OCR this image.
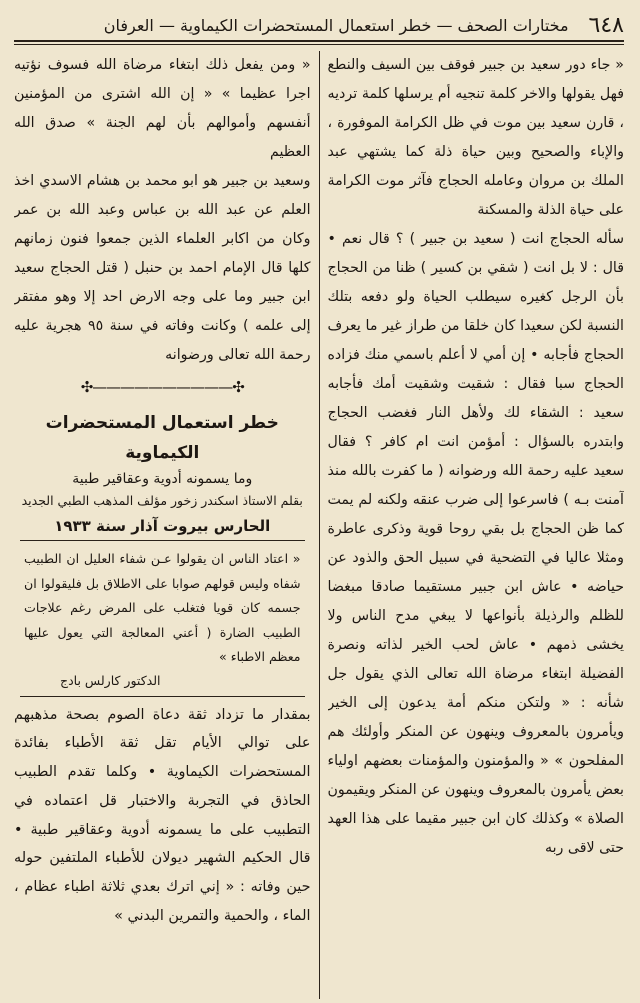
٦٤٨
مختارات الصحف — خطر استعمال المستحضرات الكيماوية — العرفان

« جاء دور سعيد بن جبير فوقف بين السيف والنطع فهل يقولها والاخر كلمة تنجيه أم يرسلها كلمة ترديه ، قارن سعيد بين موت في ظل الكرامة الموفورة ، والإباء والصحيح وبين حياة ذلة كما يشتهي عبد الملك بن مروان وعامله الحجاج فآثر موت الكرامة على حياة الذلة والمسكنة

سأله الحجاج انت ( سعيد بن جبير ) ؟ قال نعم • قال : لا بل انت ( شقي بن كسير ) ظنا من الحجاج بأن الرجل كغيره سيطلب الحياة ولو دفعه بتلك النسبة لكن سعيدا كان خلقا من طراز غير ما يعرف الحجاج فأجابه • إن أمي لا أعلم باسمي منك فزاده الحجاج سبا فقال : شقيت وشقيت أمك فأجابه سعيد : الشقاء لك ولأهل النار فغضب الحجاج وابتدره بالسؤال : أمؤمن انت ام كافر ؟ فقال سعيد عليه رحمة الله ورضوانه ( ما كفرت بالله منذ آمنت بـه ) فاسرعوا إلى ضرب عنقه ولكنه لم يمت كما ظن الحجاج بل بقي روحا قوية وذكرى عاطرة ومثلا عاليا في التضحية في سبيل الحق والذود عن حياضه • عاش ابن جبير مستقيما صادقا مبغضا للظلم والرذيلة بأنواعها لا يبغي مدح الناس ولا يخشى ذمهم • عاش لحب الخير لذاته ونصرة الفضيلة ابتغاء مرضاة الله تعالى الذي يقول جل شأنه : « ولتكن منكم أمة يدعون إلى الخير ويأمرون بالمعروف وينهون عن المنكر وأولئك هم المفلحون » « والمؤمنون والمؤمنات بعضهم اولياء بعض يأمرون بالمعروف وينهون عن المنكر ويقيمون الصلاة » وكذلك كان ابن جبير مقيما على هذا العهد حتى لاقى ربه

« ومن يفعل ذلك ابتغاء مرضاة الله فسوف نؤتيه اجرا عظيما » « إن الله اشترى من المؤمنين أنفسهم وأموالهم بأن لهم الجنة » صدق الله العظيم

وسعيد بن جبير هو ابو محمد بن هشام الاسدي اخذ العلم عن عبد الله بن عباس وعبد الله بن عمر وكان من اكابر العلماء الذين جمعوا فنون زمانهم كلها قال الإمام احمد بن حنبل ( قتل الحجاج سعيد ابن جبير وما على وجه الارض احد إلا وهو مفتقر إلى علمه ) وكانت وفاته في سنة ٩٥ هجرية عليه رحمة الله تعالى ورضوانه

✣——————————✣
خطر استعمال المستحضرات الكيماوية
وما يسمونه أدوية وعقاقير طبية
بقلم الاستاذ اسكندر زخور مؤلف المذهب الطبي الجديد
الحارس بيروت آذار سنة ١٩٣٣

« اعتاد الناس ان يقولوا عـن شفاء العليل ان الطبيب شفاه وليس قولهم صوابا على الاطلاق بل فليقولوا ان جسمه كان قويا فتغلب على المرض رغم علاجات الطبيب الضارة ( أعني المعالجة التي يعول عليها معظم الاطباء »

الدكتور كارلس بادج

بمقدار ما تزداد ثقة دعاة الصوم بصحة مذهبهم على توالي الأيام تقل ثقة الأطباء بفائدة المستحضرات الكيماوية • وكلما تقدم الطبيب الحاذق في التجربة والاختبار قل اعتماده في التطبيب على ما يسمونه أدوية وعقاقير طبية • قال الحكيم الشهير ديولان للأطباء الملتفين حوله حين وفاته : « إني اترك بعدي ثلاثة اطباء عظام ، الماء ، والحمية والتمرين البدني »
